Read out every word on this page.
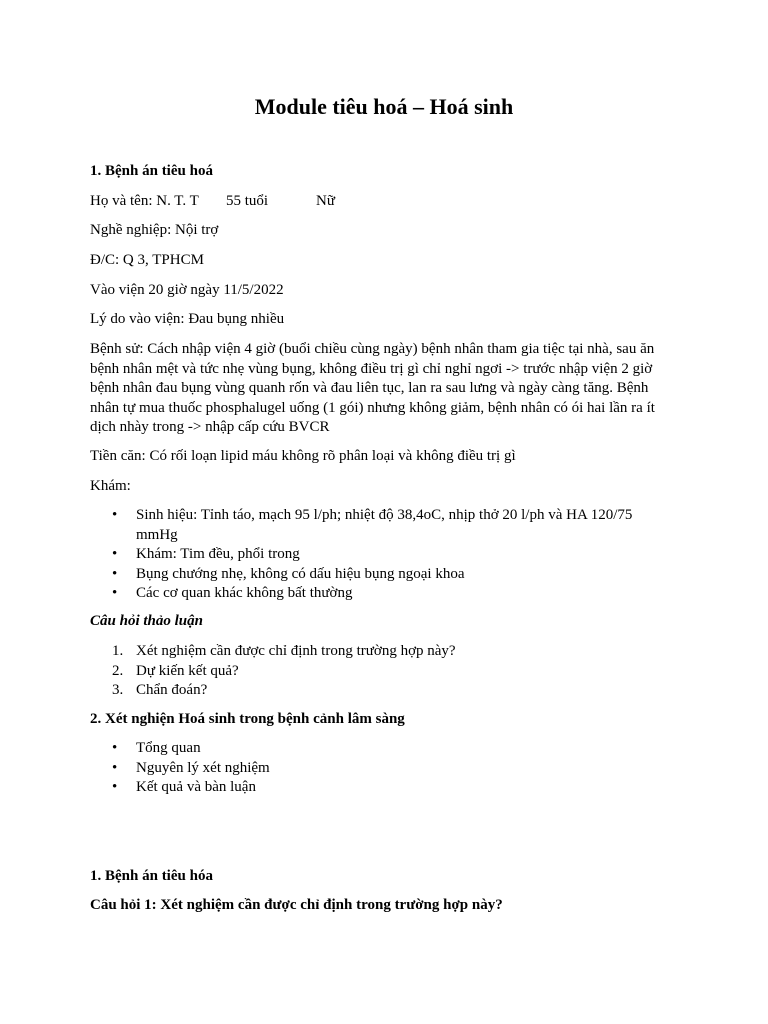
Module tiêu hoá – Hoá sinh

1. Bệnh án tiêu hoá

Họ và tên: N. T. T 55 tuổi	Nữ

Nghề nghiệp: Nội trợ

Đ/C: Q 3, TPHCM

Vào viện 20 giờ ngày 11/5/2022

Lý do vào viện: Đau bụng nhiều

Bệnh sử: Cách nhập viện 4 giờ (buổi chiều cùng ngày) bệnh nhân tham gia tiệc tại nhà, sau ăn bệnh nhân mệt và tức nhẹ vùng bụng, không điều trị gì chỉ nghỉ ngơi -> trước nhập viện 2 giờ bệnh nhân đau bụng vùng quanh rốn và đau liên tục, lan ra sau lưng và ngày càng tăng. Bệnh nhân tự mua thuốc phosphalugel uống (1 gói) nhưng không giảm, bệnh nhân có ói hai lần ra ít dịch nhày trong -> nhập cấp cứu BVCR

Tiền căn: Có rối loạn lipid máu không rõ phân loại và không điều trị gì

Khám:

• Sinh hiệu: Tỉnh táo, mạch 95 l/ph; nhiệt độ 38,4oC, nhịp thở 20 l/ph và HA 120/75 mmHg
• Khám: Tim đều, phổi trong
• Bụng chướng nhẹ, không có dấu hiệu bụng ngoại khoa
• Các cơ quan khác không bất thường

Câu hỏi thảo luận

1. Xét nghiệm cần được chỉ định trong trường hợp này?
2. Dự kiến kết quả?
3. Chẩn đoán?

2. Xét nghiện Hoá sinh trong bệnh cảnh lâm sàng

• Tổng quan
• Nguyên lý xét nghiệm
• Kết quả và bàn luận

1. Bệnh án tiêu hóa

Câu hỏi 1: Xét nghiệm cần được chỉ định trong trường hợp này?
